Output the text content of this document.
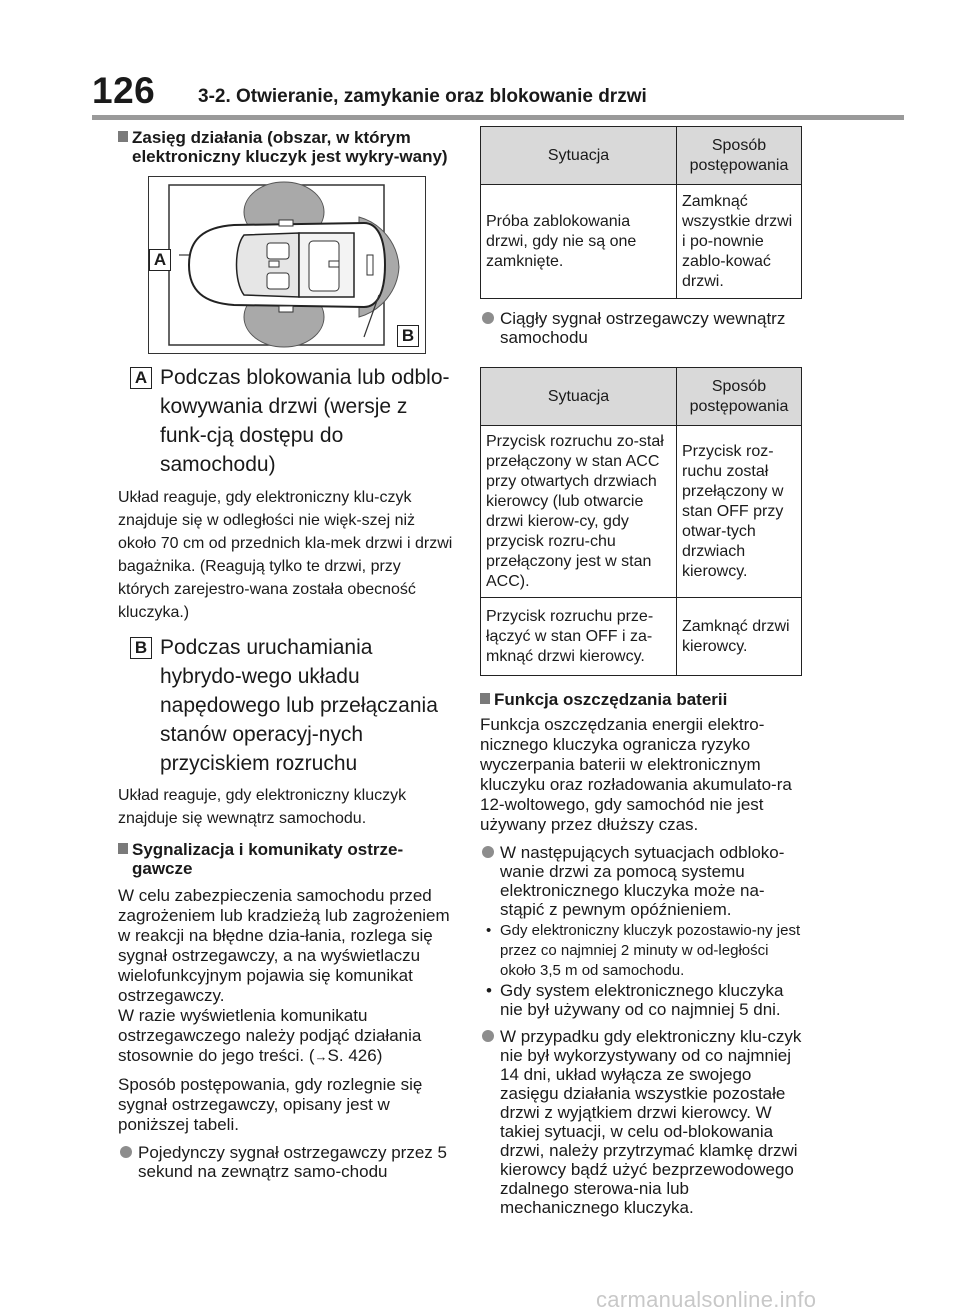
126 3-2. Otwieranie, zamykanie oraz blokowanie drzwi
Zasięg działania (obszar, w którym elektroniczny kluczyk jest wykry-wany)
A
B
A Podczas blokowania lub odblo-kowywania drzwi (wersje z funk-cją dostępu do samochodu)
Układ reaguje, gdy elektroniczny klu-czyk znajduje się w odległości nie więk-szej niż około 70 cm od przednich kla-mek drzwi i drzwi bagażnika. (Reagują tylko te drzwi, przy których zarejestro-wana została obecność kluczyka.)
B Podczas uruchamiania hybrydo-wego układu napędowego lub przełączania stanów operacyj-nych przyciskiem rozruchu
Układ reaguje, gdy elektroniczny kluczyk znajduje się wewnątrz samochodu.
Sygnalizacja i komunikaty ostrze-gawcze
W celu zabezpieczenia samochodu przed zagrożeniem lub kradzieżą lub zagrożeniem w reakcji na błędne dzia-łania, rozlega się sygnał ostrzegawczy, a na wyświetlaczu wielofunkcyjnym pojawia się komunikat ostrzegawczy.
W razie wyświetlenia komunikatu ostrzegawczego należy podjąć działania stosownie do jego treści. (→S. 426)
Sposób postępowania, gdy rozlegnie się sygnał ostrzegawczy, opisany jest w poniższej tabeli.
Pojedynczy sygnał ostrzegawczy przez 5 sekund na zewnątrz samo-chodu
Sytuacja	Sposób postępowania
Próba zablokowania drzwi, gdy nie są one zamknięte.	Zamknąć wszystkie drzwi i po-nownie zablo-kować drzwi.
Ciągły sygnał ostrzegawczy wewnątrz samochodu
Sytuacja	Sposób postępowania
Przycisk rozruchu zo-stał przełączony w stan ACC przy otwartych drzwiach kierowcy (lub otwarcie drzwi kierow-cy, gdy przycisk rozru-chu przełączony jest w stan ACC).	Przycisk roz-ruchu został przełączony w stan OFF przy otwar-tych drzwiach kierowcy.
Przycisk rozruchu prze-łączyć w stan OFF i za-mknąć drzwi kierowcy.	Zamknąć drzwi kierowcy.
Funkcja oszczędzania baterii
Funkcja oszczędzania energii elektro-nicznego kluczyka ogranicza ryzyko wyczerpania baterii w elektronicznym kluczyku oraz rozładowania akumulato-ra 12-woltowego, gdy samochód nie jest używany przez dłuższy czas.
W następujących sytuacjach odbloko-wanie drzwi za pomocą systemu elektronicznego kluczyka może na-stąpić z pewnym opóźnieniem.
• Gdy elektroniczny kluczyk pozostawio-ny jest przez co najmniej 2 minuty w od-ległości około 3,5 m od samochodu.
• Gdy system elektronicznego kluczyka nie był używany od co najmniej 5 dni.
W przypadku gdy elektroniczny klu-czyk nie był wykorzystywany od co najmniej 14 dni, układ wyłącza ze swojego zasięgu działania wszystkie pozostałe drzwi z wyjątkiem drzwi kierowcy. W takiej sytuacji, w celu od-blokowania drzwi, należy przytrzymać klamkę drzwi kierowcy bądź użyć bezprzewodowego zdalnego sterowa-nia lub mechanicznego kluczyka.
carmanualsonline.info
